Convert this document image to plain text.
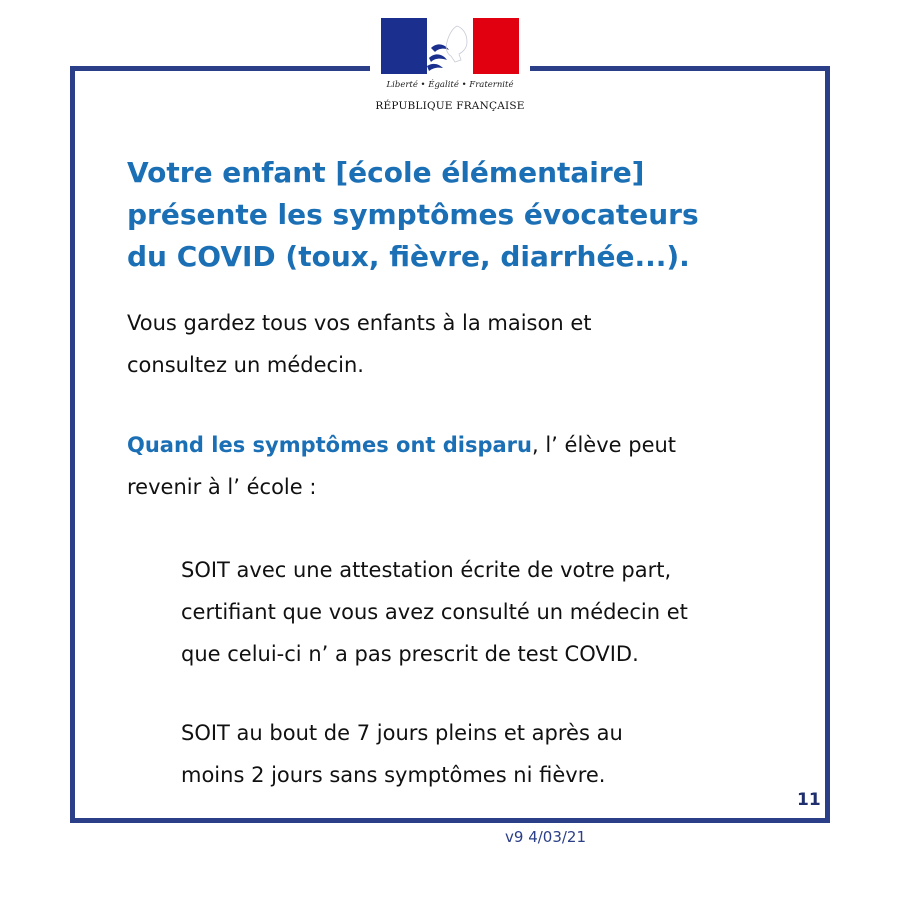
Liberté • Égalité • Fraternité
RÉPUBLIQUE FRANÇAISE
Votre enfant [école élémentaire]
présente les symptômes évocateurs
du COVID (toux, fièvre, diarrhée...).
Vous gardez tous vos enfants à la maison et
consultez un médecin.
Quand les symptômes ont disparu, l’ élève peut
revenir à l’ école :
SOIT avec une attestation écrite de votre part,
certifiant que vous avez consulté un médecin et
que celui-ci n’ a pas prescrit de test COVID.
SOIT au bout de 7 jours pleins et après au
moins 2 jours sans symptômes ni fièvre.
11
v9 4/03/21
